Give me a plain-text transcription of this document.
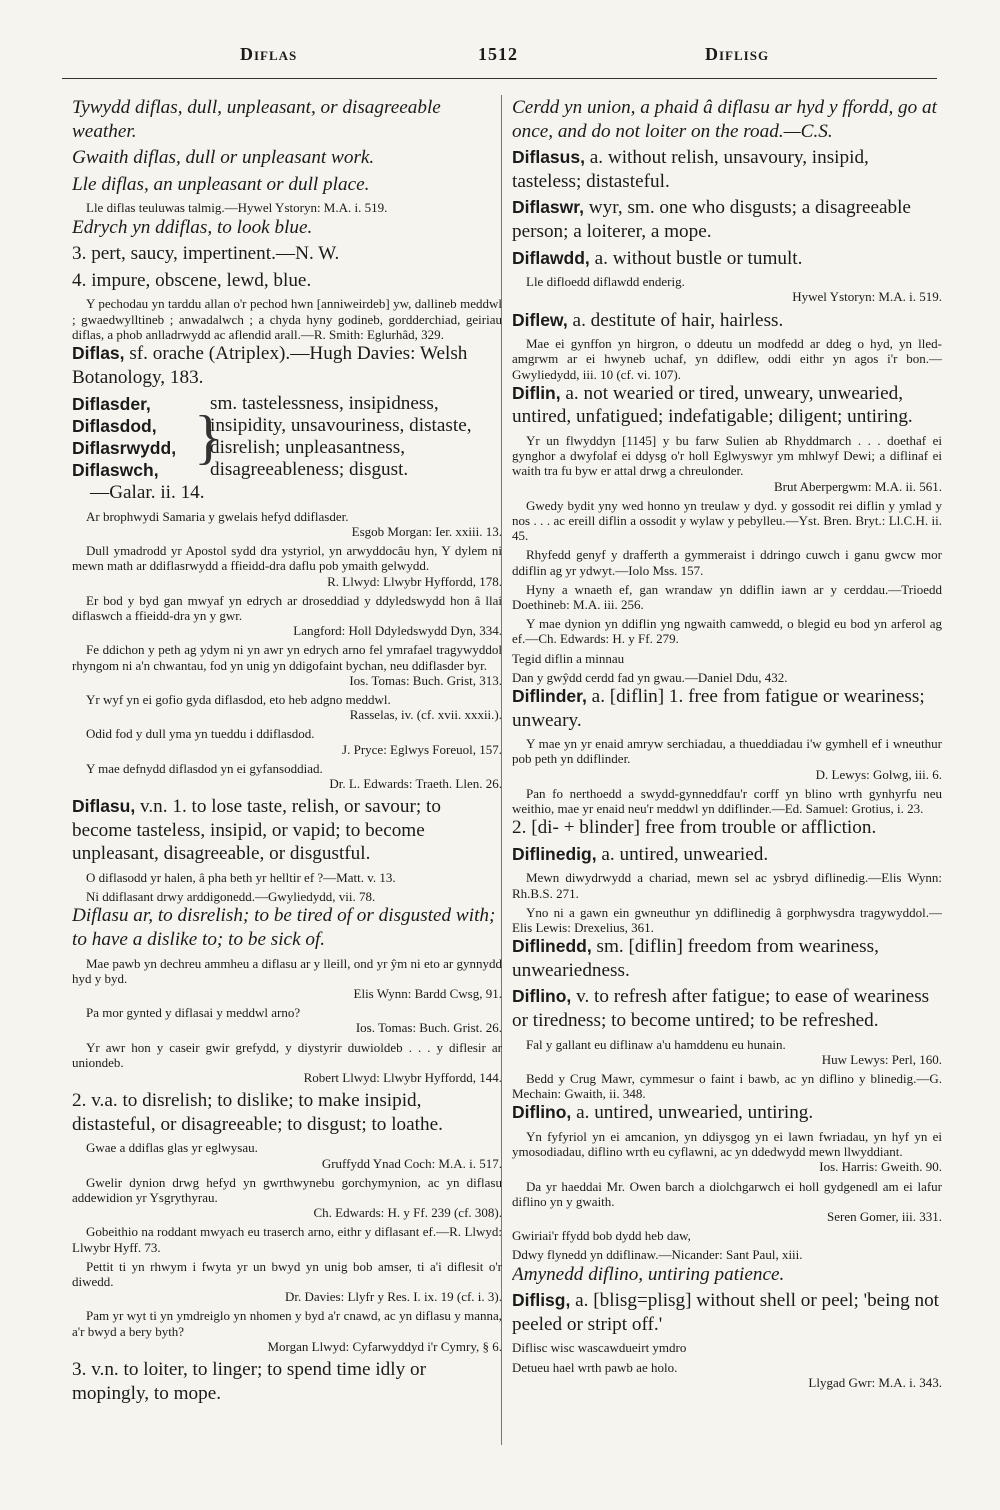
Diflas	1512	Diflisg
Tywydd diflas, dull, unpleasant, or disagreeable weather.
Gwaith diflas, dull or unpleasant work.
Lle diflas, an unpleasant or dull place.
Lle diflas teuluwas talmig.—Hywel Ystoryn: M.A. i. 519.
Edrych yn ddiflas, to look blue.
3. pert, saucy, impertinent.—N. W.
4. impure, obscene, lewd, blue.
Y pechodau yn tarddu allan o'r pechod hwn [anniweirdeb] yw, dallineb meddwl ; gwaedwylltineb ; anwadalwch ; a chyda hyny godineb, gordderchiad, geiriau diflas, a phob anlladrwydd ac aflendid arall.—R. Smith: Eglurhâd, 329.
Diflas, sf. orache (Atriplex).—Hugh Davies: Welsh Botanology, 183.
Diflasder,
Diflasdod,
Diflasrwydd,
Diflaswch, }
sm. tastelessness, insipidness, insipidity, unsavouriness, distaste, disrelish; unpleasantness, disagreeableness; disgust.
—Galar. ii. 14.
Ar brophwydi Samaria y gwelais hefyd ddiflasder.
Esgob Morgan: Ier. xxiii. 13.
Dull ymadrodd yr Apostol sydd dra ystyriol, yn arwyddocâu hyn, Y dylem ni mewn math ar ddiflasrwydd a ffieidd-dra daflu pob ymaith gelwydd.
R. Llwyd: Llwybr Hyffordd, 178.
Er bod y byd gan mwyaf yn edrych ar droseddiad y ddyledswydd hon â llai diflaswch a ffieidd-dra yn y gwr.
Langford: Holl Ddyledswydd Dyn, 334.
Fe ddichon y peth ag ydym ni yn awr yn edrych arno fel ymrafael tragywyddol rhyngom ni a'n chwantau, fod yn unig yn ddigofaint bychan, neu ddiflasder byr.
Ios. Tomas: Buch. Grist, 313.
Yr wyf yn ei gofio gyda diflasdod, eto heb adgno meddwl.
Rasselas, iv. (cf. xvii. xxxii.).
Odid fod y dull yma yn tueddu i ddiflasdod.
J. Pryce: Eglwys Foreuol, 157.
Y mae defnydd diflasdod yn ei gyfansoddiad.
Dr. L. Edwards: Traeth. Llen. 26.
Diflasu, v.n. 1. to lose taste, relish, or savour; to become tasteless, insipid, or vapid; to become unpleasant, disagreeable, or disgustful.
O diflasodd yr halen, â pha beth yr helltir ef ?—Matt. v. 13.
Ni ddiflasant drwy arddigonedd.—Gwyliedydd, vii. 78.
Diflasu ar, to disrelish; to be tired of or disgusted with; to have a dislike to; to be sick of.
Mae pawb yn dechreu ammheu a diflasu ar y lleill, ond yr ŷm ni eto ar gynnydd hyd y byd.
Elis Wynn: Bardd Cwsg, 91.
Pa mor gynted y diflasai y meddwl arno?
Ios. Tomas: Buch. Grist. 26.
Yr awr hon y caseir gwir grefydd, y diystyrir duwioldeb . . . y diflesir ar uniondeb.
Robert Llwyd: Llwybr Hyffordd, 144.
2. v.a. to disrelish; to dislike; to make insipid, distasteful, or disagreeable; to disgust; to loathe.
Gwae a ddiflas glas yr eglwysau.
Gruffydd Ynad Coch: M.A. i. 517.
Gwelir dynion drwg hefyd yn gwrthwynebu gorchymynion, ac yn diflasu addewidion yr Ysgrythyrau.
Ch. Edwards: H. y Ff. 239 (cf. 308).
Gobeithio na roddant mwyach eu traserch arno, eithr y diflasant ef.—R. Llwyd: Llwybr Hyff. 73.
Pettit ti yn rhwym i fwyta yr un bwyd yn unig bob amser, ti a'i diflesit o'r diwedd.
Dr. Davies: Llyfr y Res. I. ix. 19 (cf. i. 3).
Pam yr wyt ti yn ymdreiglo yn nhomen y byd a'r cnawd, ac yn diflasu y manna, a'r bwyd a bery byth?
Morgan Llwyd: Cyfarwyddyd i'r Cymry, § 6.
3. v.n. to loiter, to linger; to spend time idly or mopingly, to mope.
Cerdd yn union, a phaid â diflasu ar hyd y ffordd, go at once, and do not loiter on the road.—C.S.
Diflasus, a. without relish, unsavoury, insipid, tasteless; distasteful.
Diflaswr, wyr, sm. one who disgusts; a disagreeable person; a loiterer, a mope.
Diflawdd, a. without bustle or tumult.
Lle difloedd diflawdd enderig.
Hywel Ystoryn: M.A. i. 519.
Diflew, a. destitute of hair, hairless.
Mae ei gynffon yn hirgron, o ddeutu un modfedd ar ddeg o hyd, yn lled-amgrwm ar ei hwyneb uchaf, yn ddiflew, oddi eithr yn agos i'r bon.—Gwyliedydd, iii. 10 (cf. vi. 107).
Diflin, a. not wearied or tired, unweary, unwearied, untired, unfatigued; indefatigable; diligent; untiring.
Yr un flwyddyn [1145] y bu farw Sulien ab Rhyddmarch . . . doethaf ei gynghor a dwyfolaf ei ddysg o'r holl Eglwyswyr ym mhlwyf Dewi; a diflinaf ei waith tra fu byw er attal drwg a chreulonder.
Brut Aberpergwm: M.A. ii. 561.
Gwedy bydit yny wed honno yn treulaw y dyd. y gossodit rei diflin y ymlad y nos . . . ac ereill diflin a ossodit y wylaw y pebylleu.—Yst. Bren. Bryt.: Ll.C.H. ii. 45.
Rhyfedd genyf y drafferth a gymmeraist i ddringo cuwch i ganu gwcw mor ddiflin ag yr ydwyt.—Iolo Mss. 157.
Hyny a wnaeth ef, gan wrandaw yn ddiflin iawn ar y cerddau.—Trioedd Doethineb: M.A. iii. 256.
Y mae dynion yn ddiflin yng ngwaith camwedd, o blegid eu bod yn arferol ag ef.—Ch. Edwards: H. y Ff. 279.
Tegid diflin a minnau
Dan y gwŷdd cerdd fad yn gwau.—Daniel Ddu, 432.
Diflinder, a. [diflin] 1. free from fatigue or weariness; unweary.
Y mae yn yr enaid amryw serchiadau, a thueddiadau i'w gymhell ef i wneuthur pob peth yn ddiflinder.
D. Lewys: Golwg, iii. 6.
Pan fo nerthoedd a swydd-gynneddfau'r corff yn blino wrth gynhyrfu neu weithio, mae yr enaid neu'r meddwl yn ddiflinder.—Ed. Samuel: Grotius, i. 23.
2. [di- + blinder] free from trouble or affliction.
Diflinedig, a. untired, unwearied.
Mewn diwydrwydd a chariad, mewn sel ac ysbryd diflinedig.—Elis Wynn: Rh.B.S. 271.
Yno ni a gawn ein gwneuthur yn ddiflinedig â gorphwysdra tragywyddol.—Elis Lewis: Drexelius, 361.
Diflinedd, sm. [diflin] freedom from weariness, unweariedness.
Diflino, v. to refresh after fatigue; to ease of weariness or tiredness; to become untired; to be refreshed.
Fal y gallant eu diflinaw a'u hamddenu eu hunain.
Huw Lewys: Perl, 160.
Bedd y Crug Mawr, cymmesur o faint i bawb, ac yn diflino y blinedig.—G. Mechain: Gwaith, ii. 348.
Diflino, a. untired, unwearied, untiring.
Yn fyfyriol yn ei amcanion, yn ddiysgog yn ei lawn fwriadau, yn hyf yn ei ymosodiadau, diflino wrth eu cyflawni, ac yn ddedwydd mewn llwyddiant.
Ios. Harris: Gweith. 90.
Da yr haeddai Mr. Owen barch a diolchgarwch ei holl gydgenedl am ei lafur diflino yn y gwaith.
Seren Gomer, iii. 331.
Gwiriai'r ffydd bob dydd heb daw,
Ddwy flynedd yn ddiflinaw.—Nicander: Sant Paul, xiii.
Amynedd diflino, untiring patience.
Diflisg, a. [blisg=plisg] without shell or peel; 'being not peeled or stript off.'
Diflisc wisc wascawdueirt ymdro
Detueu hael wrth pawb ae holo.
Llygad Gwr: M.A. i. 343.
